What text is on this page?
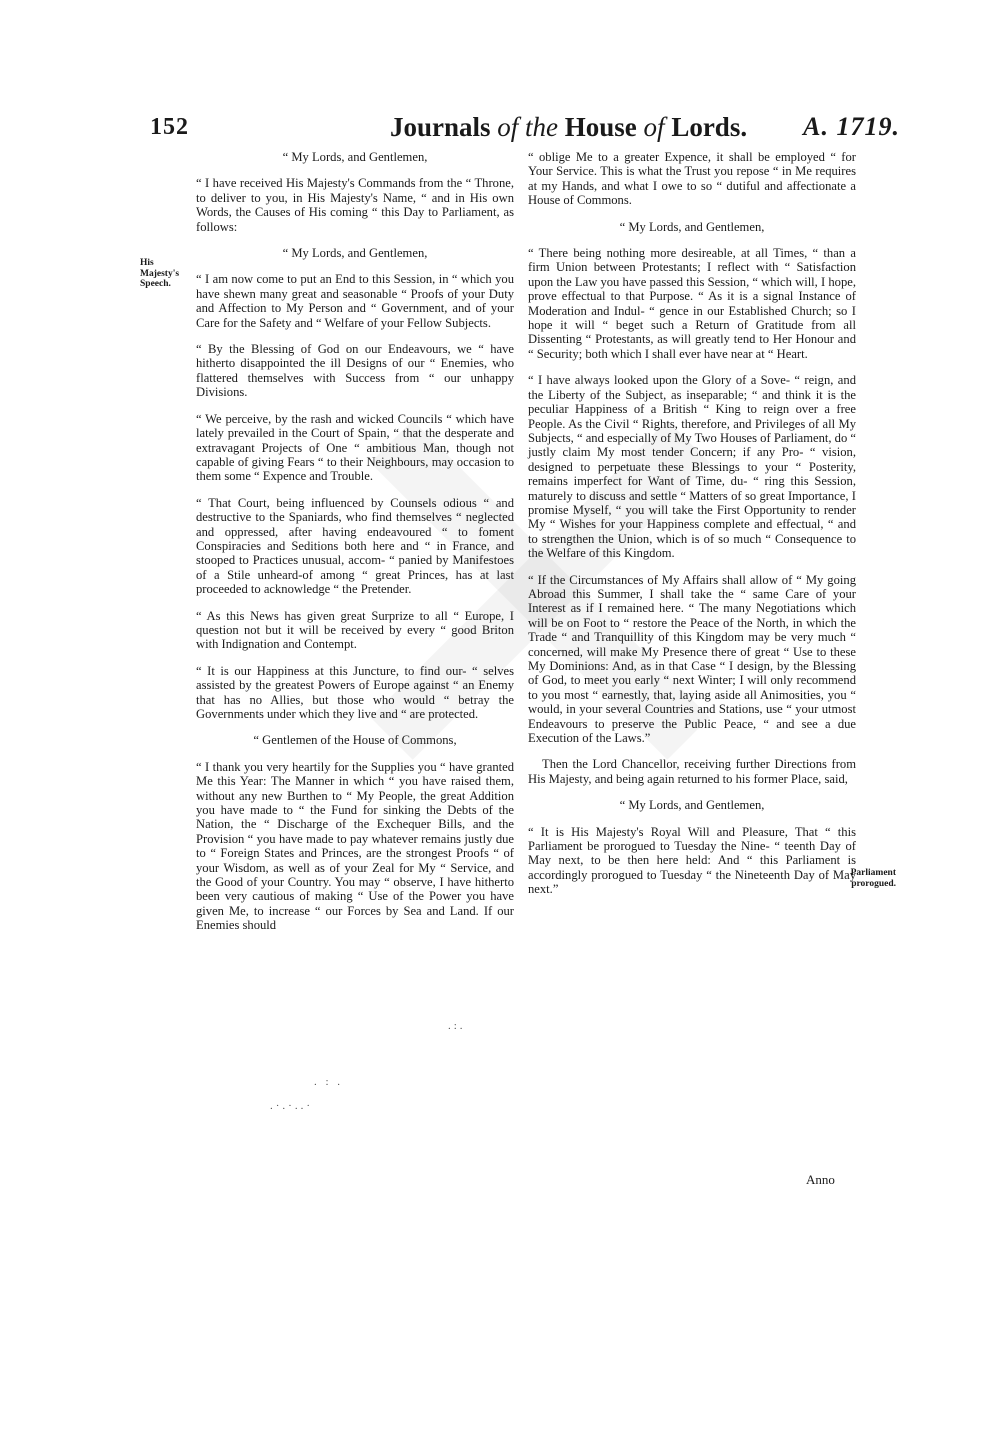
152	Journals of the House of Lords. A. 1719.
His Majesty's Speech.
Parliament prorogued.

“ My Lords, and Gentlemen,

“ I have received His Majesty's Commands from the “ Throne, to deliver to you, in His Majesty's Name, “ and in His own Words, the Causes of His coming “ this Day to Parliament, as follows:

“ My Lords, and Gentlemen,

“ I am now come to put an End to this Session, in “ which you have shewn many great and seasonable “ Proofs of your Duty and Affection to My Person and “ Government, and of your Care for the Safety and “ Welfare of your Fellow Subjects.

“ By the Blessing of God on our Endeavours, we “ have hitherto disappointed the ill Designs of our “ Enemies, who flattered themselves with Success from “ our unhappy Divisions.

“ We perceive, by the rash and wicked Councils “ which have lately prevailed in the Court of Spain, “ that the desperate and extravagant Projects of One “ ambitious Man, though not capable of giving Fears “ to their Neighbours, may occasion to them some “ Expence and Trouble.

“ That Court, being influenced by Counsels odious “ and destructive to the Spaniards, who find themselves “ neglected and oppressed, after having endeavoured “ to foment Conspiracies and Seditions both here and “ in France, and stooped to Practices unusual, accom- “ panied by Manifestoes of a Stile unheard-of among “ great Princes, has at last proceeded to acknowledge “ the Pretender.

“ As this News has given great Surprize to all “ Europe, I question not but it will be received by every “ good Briton with Indignation and Contempt.

“ It is our Happiness at this Juncture, to find our- “ selves assisted by the greatest Powers of Europe against “ an Enemy that has no Allies, but those who would “ betray the Governments under which they live and “ are protected.

“ Gentlemen of the House of Commons,

“ I thank you very heartily for the Supplies you “ have granted Me this Year: The Manner in which “ you have raised them, without any new Burthen to “ My People, the great Addition you have made to “ the Fund for sinking the Debts of the Nation, the “ Discharge of the Exchequer Bills, and the Provision “ you have made to pay whatever remains justly due to “ Foreign States and Princes, are the strongest Proofs “ of your Wisdom, as well as of your Zeal for My “ Service, and the Good of your Country. You may “ observe, I have hitherto been very cautious of making “ Use of the Power you have given Me, to increase “ our Forces by Sea and Land. If our Enemies should

“ oblige Me to a greater Expence, it shall be employed “ for Your Service. This is what the Trust you repose “ in Me requires at my Hands, and what I owe to so “ dutiful and affectionate a House of Commons.

“ My Lords, and Gentlemen,

“ There being nothing more desireable, at all Times, “ than a firm Union between Protestants; I reflect with “ Satisfaction upon the Law you have passed this Session, “ which will, I hope, prove effectual to that Purpose. “ As it is a signal Instance of Moderation and Indul- “ gence in our Established Church; so I hope it will “ beget such a Return of Gratitude from all Dissenting “ Protestants, as will greatly tend to Her Honour and “ Security; both which I shall ever have near at “ Heart.

“ I have always looked upon the Glory of a Sove- “ reign, and the Liberty of the Subject, as inseparable; “ and think it is the peculiar Happiness of a British “ King to reign over a free People. As the Civil “ Rights, therefore, and Privileges of all My Subjects, “ and especially of My Two Houses of Parliament, do “ justly claim My most tender Concern; if any Pro- “ vision, designed to perpetuate these Blessings to your “ Posterity, remains imperfect for Want of Time, du- “ ring this Session, maturely to discuss and settle “ Matters of so great Importance, I promise Myself, “ you will take the First Opportunity to render My “ Wishes for your Happiness complete and effectual, “ and to strengthen the Union, which is of so much “ Consequence to the Welfare of this Kingdom.

“ If the Circumstances of My Affairs shall allow of “ My going Abroad this Summer, I shall take the “ same Care of your Interest as if I remained here. “ The many Negotiations which will be on Foot to “ restore the Peace of the North, in which the Trade “ and Tranquillity of this Kingdom may be very much “ concerned, will make My Presence there of great “ Use to these My Dominions: And, as in that Case “ I design, by the Blessing of God, to meet you early “ next Winter; I will only recommend to you most “ earnestly, that, laying aside all Animosities, you “ would, in your several Countries and Stations, use “ your utmost Endeavours to preserve the Public Peace, “ and see a due Execution of the Laws.”

Then the Lord Chancellor, receiving further Directions from His Majesty, and being again returned to his former Place, said,

“ My Lords, and Gentlemen,

“ It is His Majesty's Royal Will and Pleasure, That “ this Parliament be prorogued to Tuesday the Nine- “ teenth Day of May next, to be then here held: And “ this Parliament is accordingly prorogued to Tuesday “ the Nineteenth Day of May next.”

Anno
.:.
. : .
.·.·..·
